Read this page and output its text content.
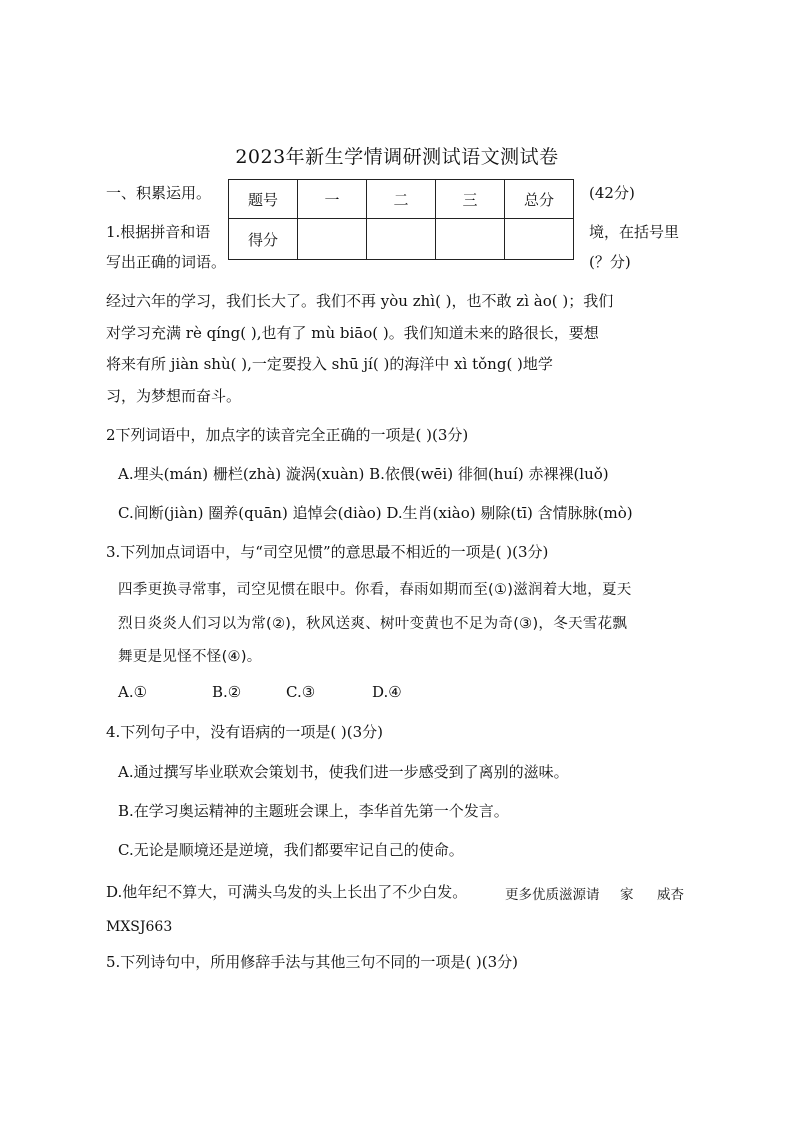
2023年新生学情调研测试语文测试卷
一、积累运用。	(42分)
题号	一	二	三	总分
得分				
1.根据拼音和语	境，在括号里
写出正确的词语。	(？分)
经过六年的学习，我们长大了。我们不再 yòu zhì( )，也不敢 zì ào( )；我们
对学习充满 rè qíng( ),也有了 mù biāo( )。我们知道未来的路很长，要想
将来有所 jiàn shù( ),一定要投入 shū jí( )的海洋中 xì tǒng( )地学
习，为梦想而奋斗。
2下列词语中，加点字的读音完全正确的一项是( )(3分)
A.埋头(mán) 栅栏(zhà) 漩涡(xuàn) B.依偎(wēi) 徘徊(huí) 赤裸裸(luǒ)
C.间断(jiàn) 圈养(quān) 追悼会(diào) D.生肖(xiào) 剔除(tī) 含情脉脉(mò)
3.下列加点词语中，与“司空见惯”的意思最不相近的一项是( )(3分)
四季更换寻常事，司空见惯在眼中。你看，春雨如期而至(①)滋润着大地，夏天
烈日炎炎人们习以为常(②)，秋风送爽、树叶变黄也不足为奇(③)，冬天雪花飘
舞更是见怪不怪(④)。
A.①	B.②	C.③	D.④
4.下列句子中，没有语病的一项是( )(3分)
A.通过撰写毕业联欢会策划书，使我们进一步感受到了离别的滋味。
B.在学习奥运精神的主题班会课上，李华首先第一个发言。
C.无论是顺境还是逆境，我们都要牢记自己的使命。
D.他年纪不算大，可满头乌发的头上长出了不少白发。	更多优质滋源请 家 威杏
MXSJ663
5.下列诗句中，所用修辞手法与其他三句不同的一项是( )(3分)
